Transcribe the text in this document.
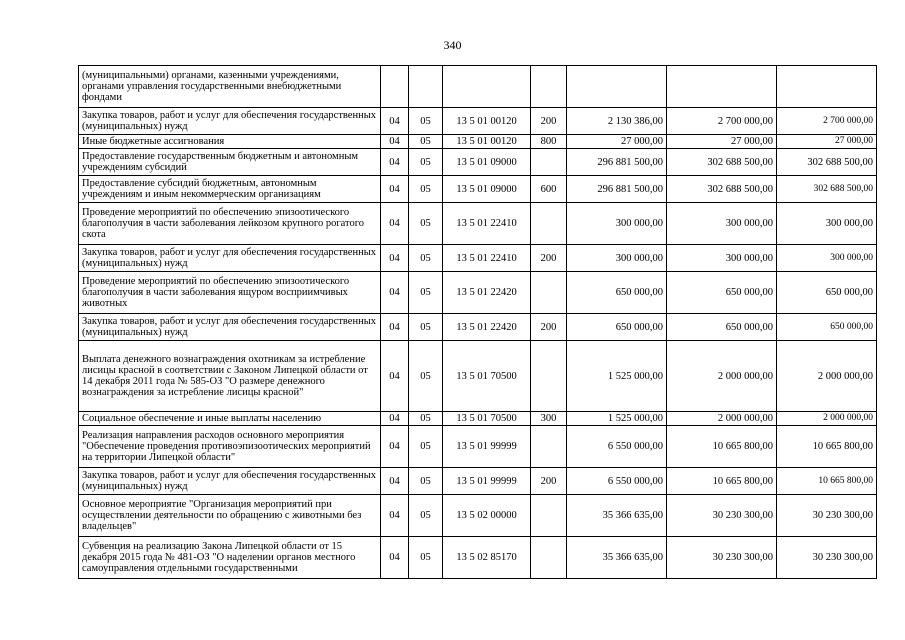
340
(муниципальными) органами, казенными учреждениями, органами управления государственными внебюджетными фондами							
Закупка товаров, работ и услуг для обеспечения государственных (муниципальных) нужд	04	05	13 5 01 00120	200	2 130 386,00	2 700 000,00	2 700 000,00
Иные бюджетные ассигнования	04	05	13 5 01 00120	800	27 000,00	27 000,00	27 000,00
Предоставление государственным бюджетным и автономным учреждениям субсидий	04	05	13 5 01 09000		296 881 500,00	302 688 500,00	302 688 500,00
Предоставление субсидий бюджетным, автономным учреждениям и иным некоммерческим организациям	04	05	13 5 01 09000	600	296 881 500,00	302 688 500,00	302 688 500,00
Проведение мероприятий по обеспечению эпизоотического благополучия в части заболевания лейкозом крупного рогатого скота	04	05	13 5 01 22410		300 000,00	300 000,00	300 000,00
Закупка товаров, работ и услуг для обеспечения государственных (муниципальных) нужд	04	05	13 5 01 22410	200	300 000,00	300 000,00	300 000,00
Проведение мероприятий по обеспечению эпизоотического благополучия в части заболевания ящуром восприимчивых животных	04	05	13 5 01 22420		650 000,00	650 000,00	650 000,00
Закупка товаров, работ и услуг для обеспечения государственных (муниципальных) нужд	04	05	13 5 01 22420	200	650 000,00	650 000,00	650 000,00
Выплата денежного вознаграждения охотникам за истребление лисицы красной в соответствии с Законом Липецкой области от 14 декабря 2011 года № 585-ОЗ "О размере денежного вознаграждения за истребление лисицы красной"	04	05	13 5 01 70500		1 525 000,00	2 000 000,00	2 000 000,00
Социальное обеспечение и иные выплаты населению	04	05	13 5 01 70500	300	1 525 000,00	2 000 000,00	2 000 000,00
Реализация направления расходов основного мероприятия "Обеспечение проведения противоэпизоотических мероприятий на территории Липецкой области"	04	05	13 5 01 99999		6 550 000,00	10 665 800,00	10 665 800,00
Закупка товаров, работ и услуг для обеспечения государственных (муниципальных) нужд	04	05	13 5 01 99999	200	6 550 000,00	10 665 800,00	10 665 800,00
Основное мероприятие "Организация мероприятий при осуществлении деятельности по обращению с животными без владельцев"	04	05	13 5 02 00000		35 366 635,00	30 230 300,00	30 230 300,00
Субвенция на реализацию Закона Липецкой области от 15 декабря 2015 года № 481-ОЗ "О наделении органов местного самоуправления отдельными государственными	04	05	13 5 02 85170		35 366 635,00	30 230 300,00	30 230 300,00
